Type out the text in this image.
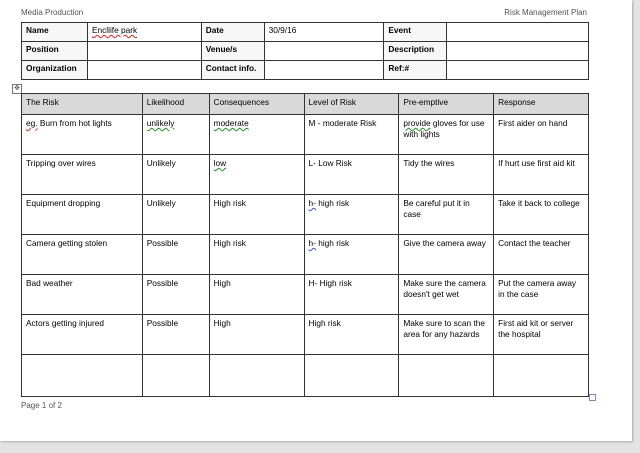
Media Production	Risk Management Plan
Name	Encllife park	Date	30/9/16	Event	
Position		Venue/s		Description	
Organization		Contact info.		Ref:#	
✥
The Risk	Likelihood	Consequences	Level of Risk	Pre-emptive	Response
eg. Burn from hot lights	unlikely	moderate	M - moderate Risk	provide gloves for use with lights	First aider on hand
Tripping over wires	Unlikely	low	L- Low Risk	Tidy the wires	If hurt use first aid kit
Equipment dropping	Unlikely	High risk	h- high risk	Be careful put it in case	Take it back to college
Camera getting stolen	Possible	High risk	h- high risk	Give the camera away	Contact the teacher
Bad weather	Possible	High	H- High risk	Make sure the camera doesn't get wet	Put the camera away in the case
Actors getting injured	Possible	High	High risk	Make sure to scan the area for any hazards	First aid kit or server the hospital

Page 1 of 2
